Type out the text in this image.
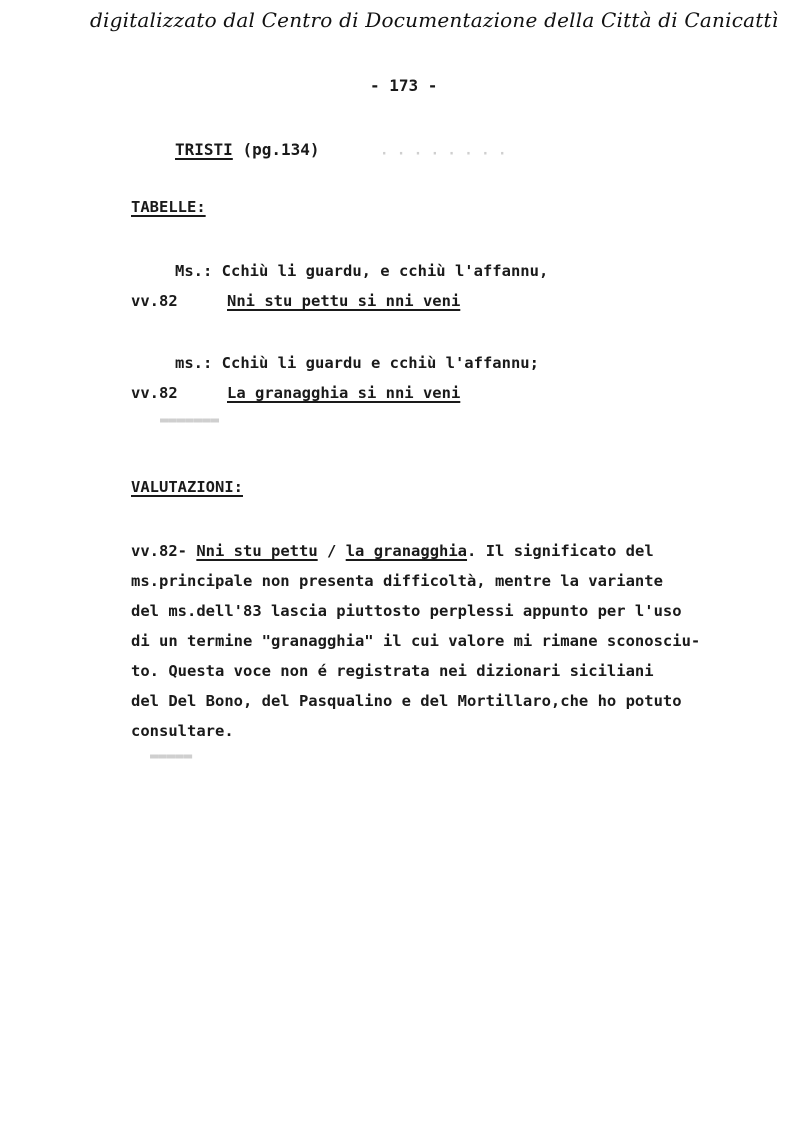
digitalizzato dal Centro di Documentazione della Città di Canicattì
- 173 -
· · · · · · · ·
▬▬▬▬▬▬▬
▬▬▬▬▬
TRISTI (pg.134)
TABELLE:
Ms.: Cchiù li guardu, e cchiù l'affannu,
vv.82	Nni stu pettu si nni veni
ms.: Cchiù li guardu e cchiù l'affannu;
vv.82	La granagghia si nni veni
VALUTAZIONI:
vv.82- Nni stu pettu / la granagghia. Il significato del
ms.principale non presenta difficoltà, mentre la variante
del ms.dell'83 lascia piuttosto perplessi appunto per l'uso
di un termine "granagghia" il cui valore mi rimane sconosciu-
to. Questa voce non é registrata nei dizionari siciliani
del Del Bono, del Pasqualino e del Mortillaro,che ho potuto
consultare.
